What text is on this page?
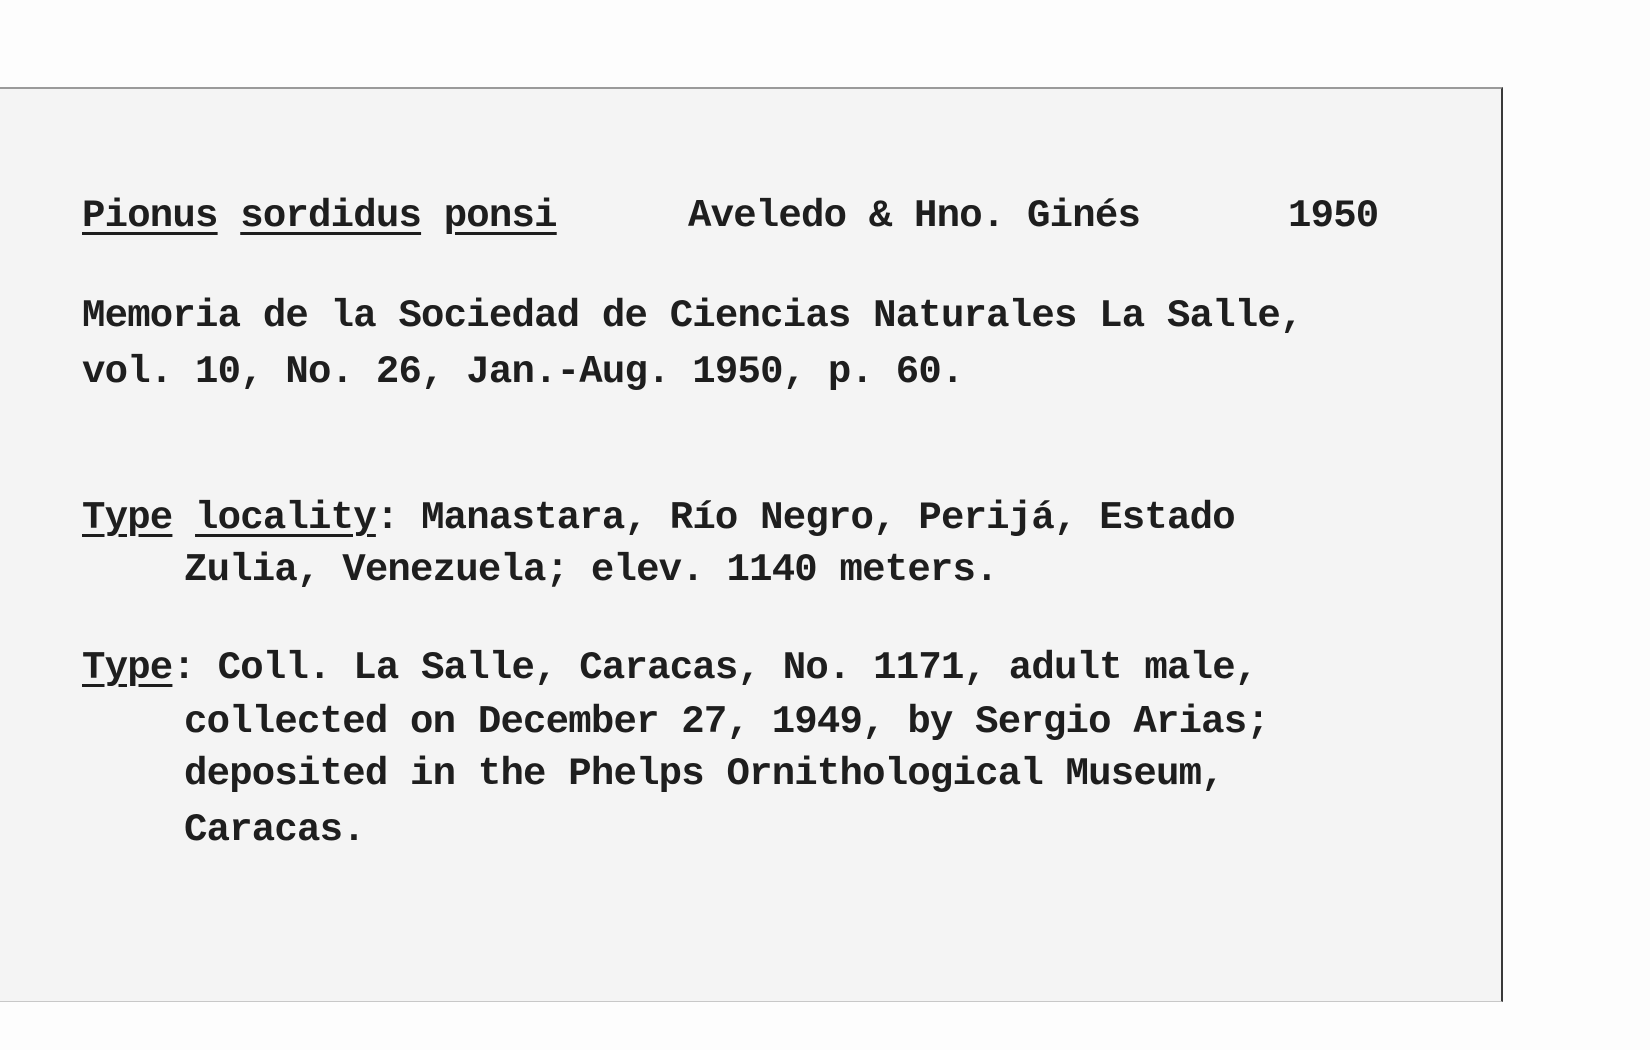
Pionus sordidus ponsi	Aveledo & Hno. Ginés	1950
Memoria de la Sociedad de Ciencias Naturales La Salle,
vol. 10, No. 26, Jan.-Aug. 1950, p. 60.
Type locality: Manastara, Río Negro, Perijá, Estado
Zulia, Venezuela; elev. 1140 meters.
Type: Coll. La Salle, Caracas, No. 1171, adult male,
collected on December 27, 1949, by Sergio Arias;
deposited in the Phelps Ornithological Museum,
Caracas.
